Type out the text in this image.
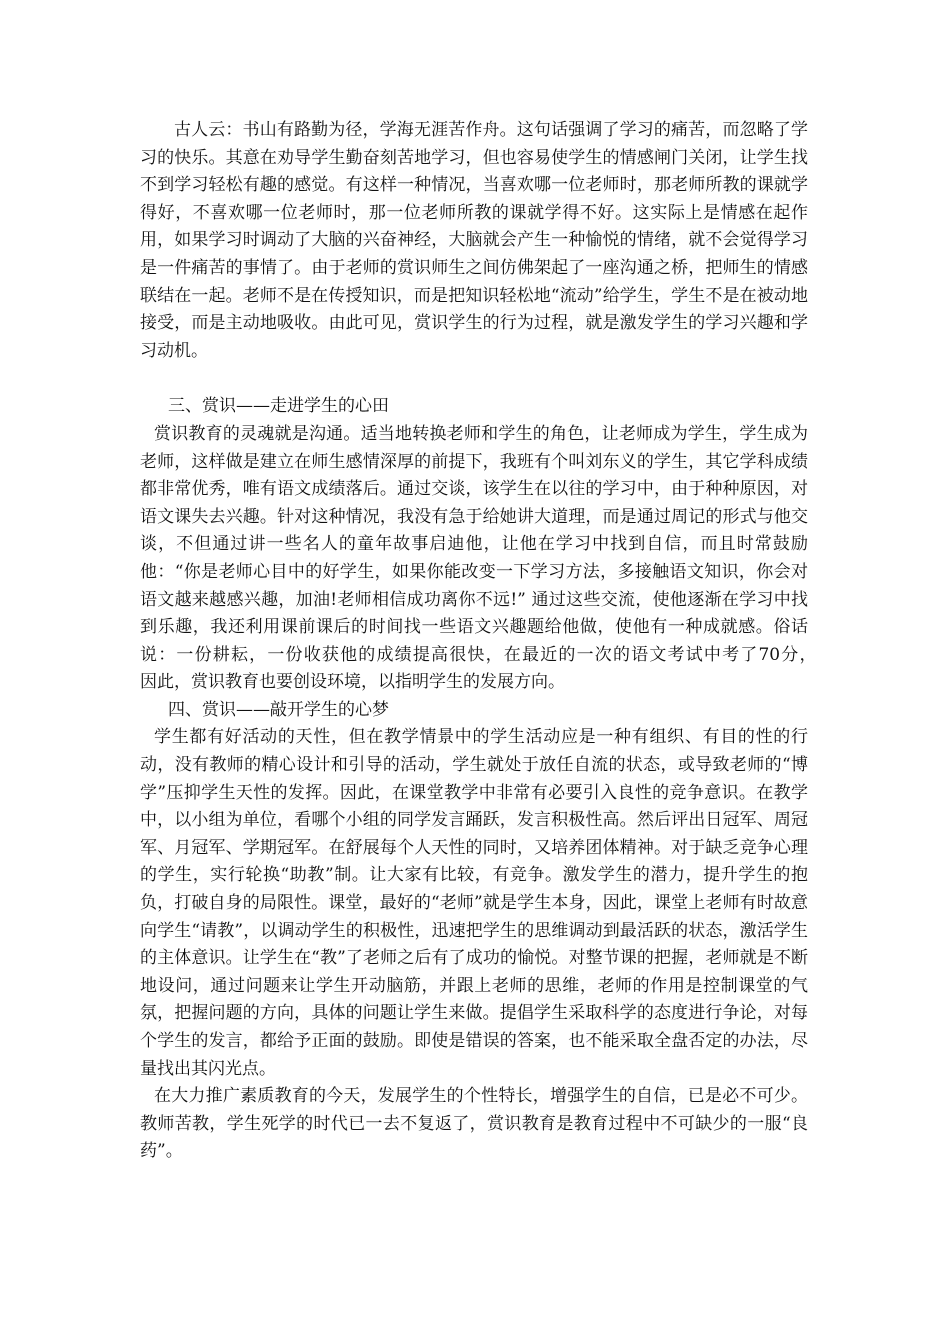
古人云：书山有路勤为径，学海无涯苦作舟。这句话强调了学习的痛苦，而忽略了学习的快乐。其意在劝导学生勤奋刻苦地学习，但也容易使学生的情感闸门关闭，让学生找不到学习轻松有趣的感觉。有这样一种情况，当喜欢哪一位老师时，那老师所教的课就学得好，不喜欢哪一位老师时，那一位老师所教的课就学得不好。这实际上是情感在起作用，如果学习时调动了大脑的兴奋神经，大脑就会产生一种愉悦的情绪，就不会觉得学习是一件痛苦的事情了。由于老师的赏识师生之间仿佛架起了一座沟通之桥，把师生的情感联结在一起。老师不是在传授知识，而是把知识轻松地“流动”给学生，学生不是在被动地接受，而是主动地吸收。由此可见，赏识学生的行为过程，就是激发学生的学习兴趣和学习动机。

三、赏识——走进学生的心田

赏识教育的灵魂就是沟通。适当地转换老师和学生的角色，让老师成为学生，学生成为老师，这样做是建立在师生感情深厚的前提下，我班有个叫刘东义的学生，其它学科成绩都非常优秀，唯有语文成绩落后。通过交谈，该学生在以往的学习中，由于种种原因，对语文课失去兴趣。针对这种情况，我没有急于给她讲大道理，而是通过周记的形式与他交谈，不但通过讲一些名人的童年故事启迪他，让他在学习中找到自信，而且时常鼓励他：“你是老师心目中的好学生，如果你能改变一下学习方法，多接触语文知识，你会对语文越来越感兴趣，加油!老师相信成功离你不远!” 通过这些交流，使他逐渐在学习中找到乐趣，我还利用课前课后的时间找一些语文兴趣题给他做，使他有一种成就感。俗话说：一份耕耘，一份收获他的成绩提高很快，在最近的一次的语文考试中考了70分，　　因此，赏识教育也要创设环境，以指明学生的发展方向。

四、赏识——敲开学生的心梦

学生都有好活动的天性，但在教学情景中的学生活动应是一种有组织、有目的性的行动，没有教师的精心设计和引导的活动，学生就处于放任自流的状态，或导致老师的“博学”压抑学生天性的发挥。因此，在课堂教学中非常有必要引入良性的竞争意识。在教学中，以小组为单位，看哪个小组的同学发言踊跃，发言积极性高。然后评出日冠军、周冠军、月冠军、学期冠军。在舒展每个人天性的同时，又培养团体精神。对于缺乏竞争心理的学生，实行轮换“助教”制。让大家有比较，有竞争。激发学生的潜力，提升学生的抱负，打破自身的局限性。课堂，最好的“老师”就是学生本身，因此，课堂上老师有时故意向学生“请教”，以调动学生的积极性，迅速把学生的思维调动到最活跃的状态，激活学生的主体意识。让学生在“教”了老师之后有了成功的愉悦。对整节课的把握，老师就是不断地设问，通过问题来让学生开动脑筋，并跟上老师的思维，老师的作用是控制课堂的气氛，把握问题的方向，具体的问题让学生来做。提倡学生采取科学的态度进行争论，对每个学生的发言，都给予正面的鼓励。即使是错误的答案，也不能采取全盘否定的办法，尽量找出其闪光点。

在大力推广素质教育的今天，发展学生的个性特长，增强学生的自信，已是必不可少。教师苦教，学生死学的时代已一去不复返了，赏识教育是教育过程中不可缺少的一服“良药”。
